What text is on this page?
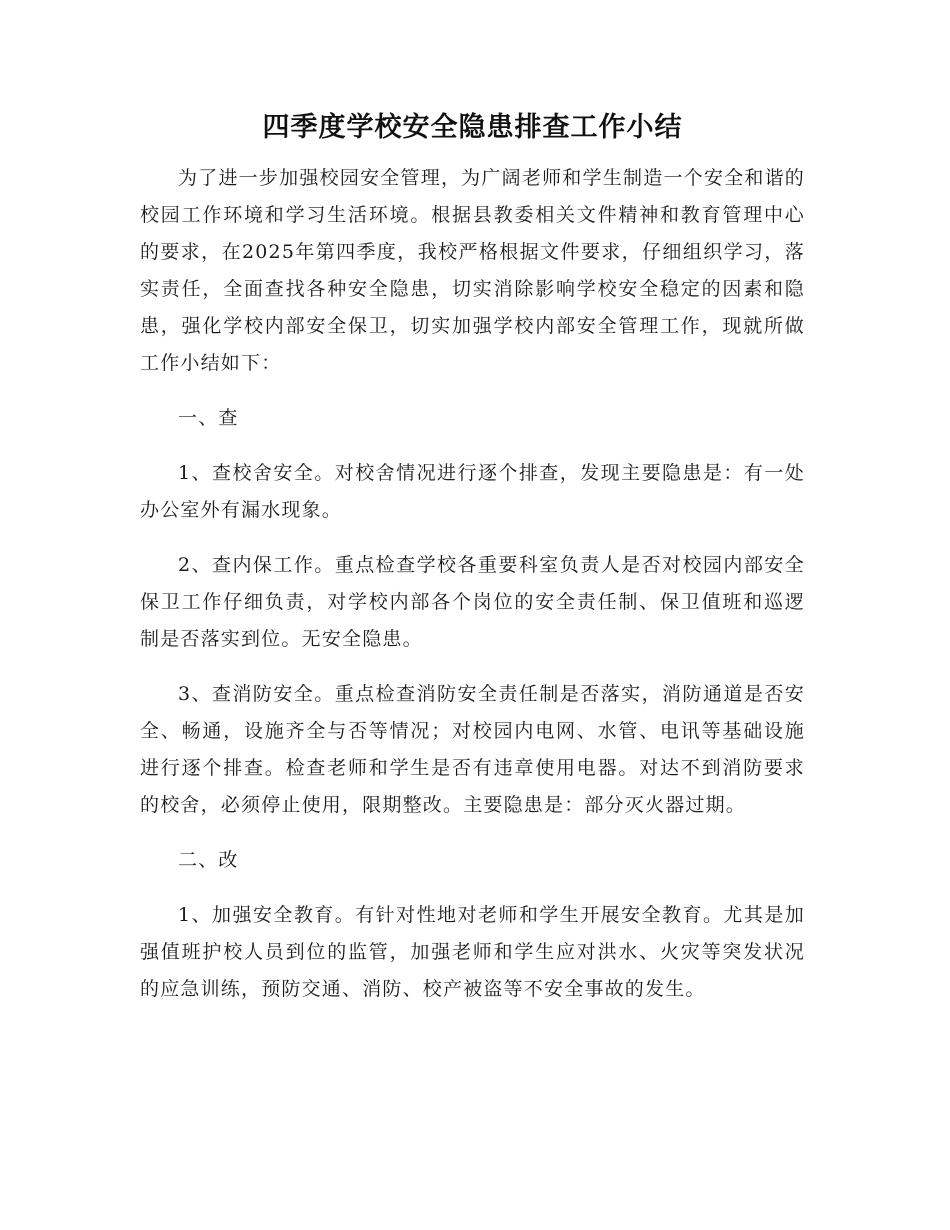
四季度学校安全隐患排查工作小结

为了进一步加强校园安全管理，为广阔老师和学生制造一个安全和谐的校园工作环境和学习生活环境。根据县教委相关文件精神和教育管理中心的要求，在2025年第四季度，我校严格根据文件要求，仔细组织学习，落实责任，全面查找各种安全隐患，切实消除影响学校安全稳定的因素和隐患，强化学校内部安全保卫，切实加强学校内部安全管理工作，现就所做工作小结如下：

一、查

1、查校舍安全。对校舍情况进行逐个排查，发现主要隐患是：有一处办公室外有漏水现象。

2、查内保工作。重点检查学校各重要科室负责人是否对校园内部安全保卫工作仔细负责，对学校内部各个岗位的安全责任制、保卫值班和巡逻制是否落实到位。无安全隐患。

3、查消防安全。重点检查消防安全责任制是否落实，消防通道是否安全、畅通，设施齐全与否等情况；对校园内电网、水管、电讯等基础设施进行逐个排查。检查老师和学生是否有违章使用电器。对达不到消防要求的校舍，必须停止使用，限期整改。主要隐患是：部分灭火器过期。

二、改

1、加强安全教育。有针对性地对老师和学生开展安全教育。尤其是加强值班护校人员到位的监管，加强老师和学生应对洪水、火灾等突发状况的应急训练，预防交通、消防、校产被盗等不安全事故的发生。
